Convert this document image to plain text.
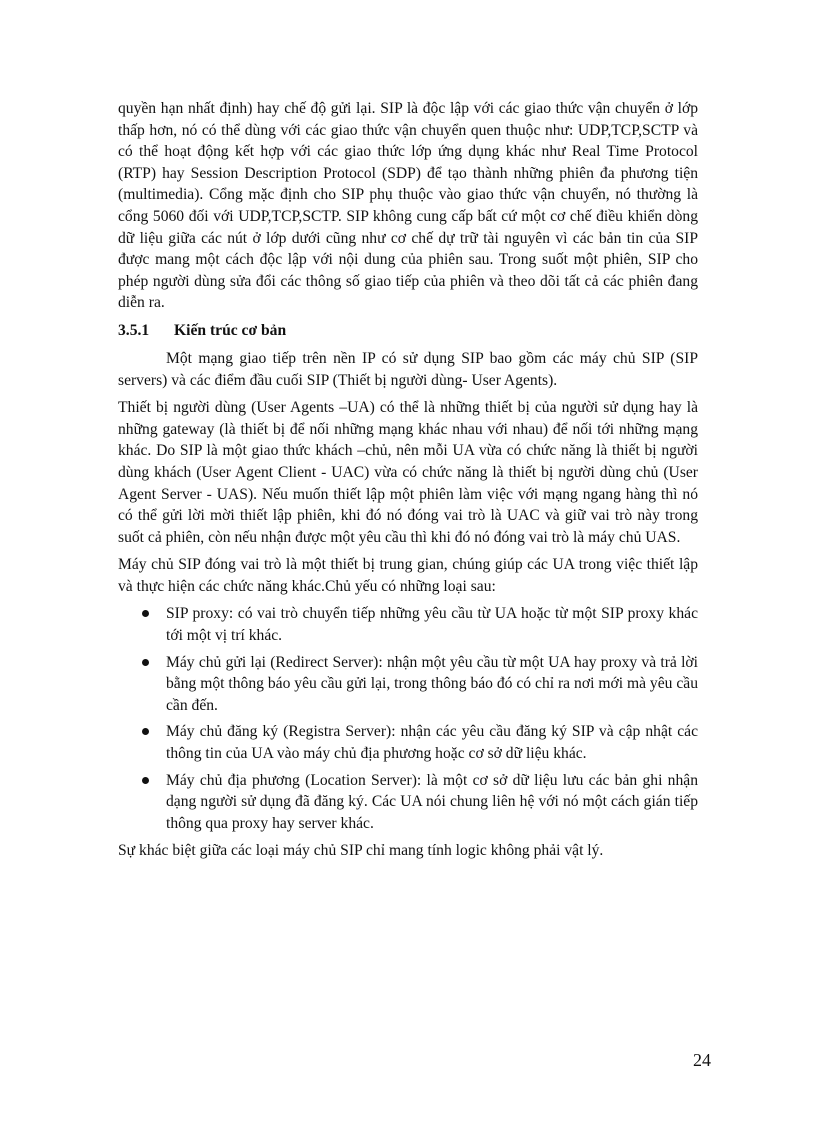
quyền hạn nhất định) hay chế độ gửi lại. SIP là độc lập với các giao thức vận chuyển ở lớp thấp hơn, nó có thể dùng với các giao thức vận chuyển quen thuộc như: UDP,TCP,SCTP và có thể hoạt động kết hợp với các giao thức lớp ứng dụng khác như Real Time Protocol (RTP) hay Session Description Protocol (SDP) để tạo thành những phiên đa phương tiện (multimedia). Cổng mặc định cho SIP phụ thuộc vào giao thức vận chuyển, nó thường là cổng 5060 đối với UDP,TCP,SCTP. SIP không cung cấp bất cứ một cơ chế điều khiển dòng dữ liệu giữa các nút ở lớp dưới cũng như cơ chế dự trữ tài nguyên vì các bản tin của SIP được mang một cách độc lập với nội dung của phiên sau. Trong suốt một phiên, SIP cho phép người dùng sửa đổi các thông số giao tiếp của phiên và theo dõi tất cả các phiên đang diễn ra.

3.5.1 Kiến trúc cơ bản

Một mạng giao tiếp trên nền IP có sử dụng SIP bao gồm các máy chủ SIP (SIP servers) và các điểm đầu cuối SIP (Thiết bị người dùng- User Agents).

Thiết bị người dùng (User Agents –UA) có thể là những thiết bị của người sử dụng hay là những gateway (là thiết bị để nối những mạng khác nhau với nhau) để nối tới những mạng khác. Do SIP là một giao thức khách –chủ, nên mỗi UA vừa có chức năng là thiết bị người dùng khách (User Agent Client - UAC) vừa có chức năng là thiết bị người dùng chủ (User Agent Server - UAS). Nếu muốn thiết lập một phiên làm việc với mạng ngang hàng thì nó có thể gửi lời mời thiết lập phiên, khi đó nó đóng vai trò là UAC và giữ vai trò này trong suốt cả phiên, còn nếu nhận được một yêu cầu thì khi đó nó đóng vai trò là máy chủ UAS.

Máy chủ SIP đóng vai trò là một thiết bị trung gian, chúng giúp các UA trong việc thiết lập và thực hiện các chức năng khác.Chủ yếu có những loại sau:

SIP proxy: có vai trò chuyển tiếp những yêu cầu từ UA hoặc từ một SIP proxy khác tới một vị trí khác.
Máy chủ gửi lại (Redirect Server): nhận một yêu cầu từ một UA hay proxy và trả lời bằng một thông báo yêu cầu gửi lại, trong thông báo đó có chỉ ra nơi mới mà yêu cầu cần đến.
Máy chủ đăng ký (Registra Server): nhận các yêu cầu đăng ký SIP và cập nhật các thông tin của UA vào máy chủ địa phương hoặc cơ sở dữ liệu khác.
Máy chủ địa phương (Location Server): là một cơ sở dữ liệu lưu các bản ghi nhận dạng người sử dụng đã đăng ký. Các UA nói chung liên hệ với nó một cách gián tiếp thông qua proxy hay server khác.

Sự khác biệt giữa các loại máy chủ SIP chỉ mang tính logic không phải vật lý.

24
